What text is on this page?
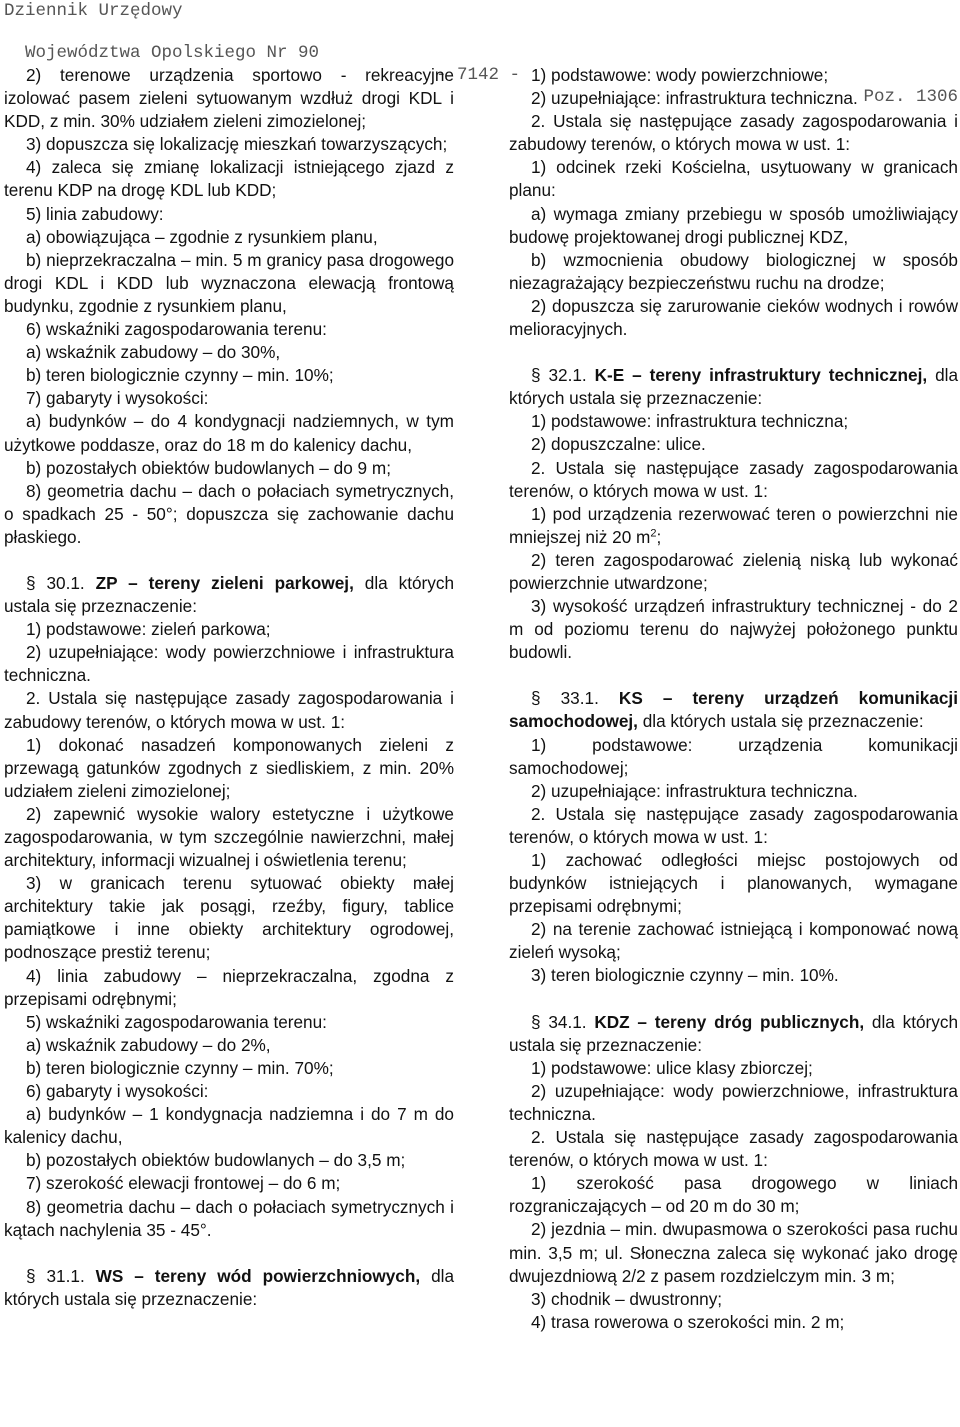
Dziennik Urzędowy

Województwa Opolskiego Nr 90

- 7142 -

Poz. 1306

2) terenowe urządzenia sportowo - rekreacyjne izolować pasem zieleni sytuowanym wzdłuż drogi KDL i KDD, z min. 30% udziałem zieleni zimozielonej;

3) dopuszcza się lokalizację mieszkań towarzyszących;

4) zaleca się zmianę lokalizacji istniejącego zjazd z terenu KDP na drogę KDL lub KDD;

5) linia zabudowy:

a) obowiązująca – zgodnie z rysunkiem planu,

b) nieprzekraczalna – min. 5 m granicy pasa drogowego drogi KDL i KDD lub wyznaczona elewacją frontową budynku, zgodnie z rysunkiem planu,

6) wskaźniki zagospodarowania terenu:

a) wskaźnik zabudowy – do 30%,

b) teren biologicznie czynny – min. 10%;

7) gabaryty i wysokości:

a) budynków – do 4 kondygnacji nadziemnych, w tym użytkowe poddasze, oraz do 18 m do kalenicy dachu,

b) pozostałych obiektów budowlanych – do 9 m;

8) geometria dachu – dach o połaciach symetrycznych, o spadkach 25 - 50°; dopuszcza się zachowanie dachu płaskiego.

§ 30.1. ZP – tereny zieleni parkowej, dla których ustala się przeznaczenie:

1) podstawowe: zieleń parkowa;

2) uzupełniające: wody powierzchniowe i infrastruktura techniczna.

2. Ustala się następujące zasady zagospodarowania i zabudowy terenów, o których mowa w ust. 1:

1) dokonać nasadzeń komponowanych zieleni z przewagą gatunków zgodnych z siedliskiem, z min. 20% udziałem zieleni zimozielonej;

2) zapewnić wysokie walory estetyczne i użytkowe zagospodarowania, w tym szczególnie nawierzchni, małej architektury, informacji wizualnej i oświetlenia terenu;

3) w granicach terenu sytuować obiekty małej architektury takie jak posągi, rzeźby, figury, tablice pamiątkowe i inne obiekty architektury ogrodowej, podnoszące prestiż terenu;

4) linia zabudowy – nieprzekraczalna, zgodna z przepisami odrębnymi;

5) wskaźniki zagospodarowania terenu:

a) wskaźnik zabudowy – do 2%,

b) teren biologicznie czynny – min. 70%;

6) gabaryty i wysokości:

a) budynków – 1 kondygnacja nadziemna i do 7 m do kalenicy dachu,

b) pozostałych obiektów budowlanych – do 3,5 m;

7) szerokość elewacji frontowej – do 6 m;

8) geometria dachu – dach o połaciach symetrycznych i kątach nachylenia 35 - 45°.

§ 31.1. WS – tereny wód powierzchniowych, dla których ustala się przeznaczenie:

1) podstawowe: wody powierzchniowe;

2) uzupełniające: infrastruktura techniczna.

2. Ustala się następujące zasady zagospodarowania i zabudowy terenów, o których mowa w ust. 1:

1) odcinek rzeki Kościelna, usytuowany w granicach planu:

a) wymaga zmiany przebiegu w sposób umożliwiający budowę projektowanej drogi publicznej KDZ,

b) wzmocnienia obudowy biologicznej w sposób niezagrażający bezpieczeństwu ruchu na drodze;

2) dopuszcza się zarurowanie cieków wodnych i rowów melioracyjnych.

§ 32.1. K-E – tereny infrastruktury technicznej, dla których ustala się przeznaczenie:

1) podstawowe: infrastruktura techniczna;

2) dopuszczalne: ulice.

2. Ustala się następujące zasady zagospodarowania terenów, o których mowa w ust. 1:

1) pod urządzenia rezerwować teren o powierzchni nie mniejszej niż 20 $m^2$;

2) teren zagospodarować zielenią niską lub wykonać powierzchnie utwardzone;

3) wysokość urządzeń infrastruktury technicznej - do 2 m od poziomu terenu do najwyżej położonego punktu budowli.

§ 33.1. KS – tereny urządzeń komunikacji samochodowej, dla których ustala się przeznaczenie:

1) podstawowe: urządzenia komunikacji samochodowej;

2) uzupełniające: infrastruktura techniczna.

2. Ustala się następujące zasady zagospodarowania terenów, o których mowa w ust. 1:

1) zachować odległości miejsc postojowych od budynków istniejących i planowanych, wymagane przepisami odrębnymi;

2) na terenie zachować istniejącą i komponować nową zieleń wysoką;

3) teren biologicznie czynny – min. 10%.

§ 34.1. KDZ – tereny dróg publicznych, dla których ustala się przeznaczenie:

1) podstawowe: ulice klasy zbiorczej;

2) uzupełniające: wody powierzchniowe, infrastruktura techniczna.

2. Ustala się następujące zasady zagospodarowania terenów, o których mowa w ust. 1:

1) szerokość pasa drogowego w liniach rozgraniczających – od 20 m do 30 m;

2) jezdnia – min. dwupasmowa o szerokości pasa ruchu min. 3,5 m; ul. Słoneczna zaleca się wykonać jako drogę dwujezdniową 2/2 z pasem rozdzielczym min. 3 m;

3) chodnik – dwustronny;

4) trasa rowerowa o szerokości min. 2 m;
